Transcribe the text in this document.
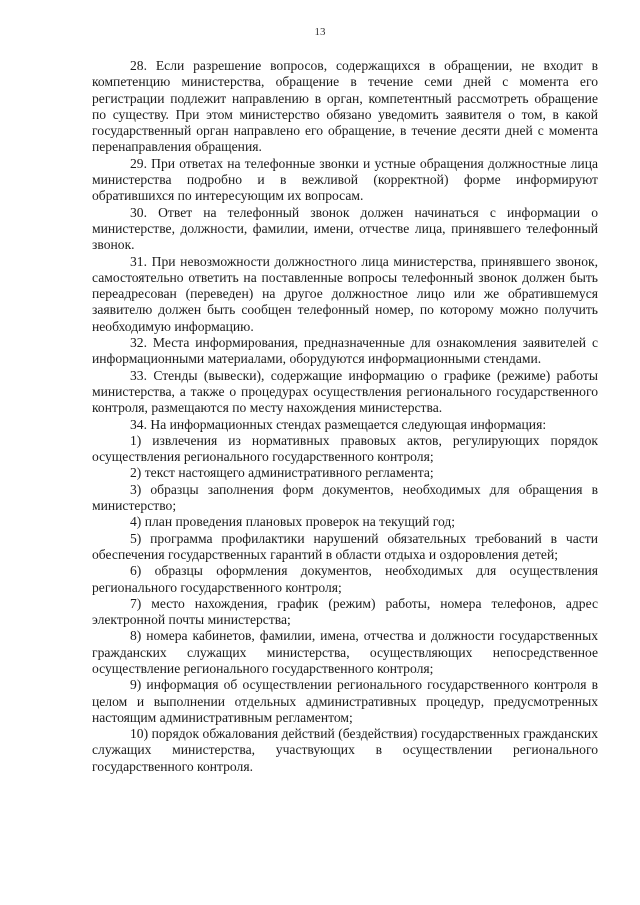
13

28. Если разрешение вопросов, содержащихся в обращении, не входит в компетенцию министерства, обращение в течение семи дней с момента его регистрации подлежит направлению в орган, компетентный рассмотреть обращение по существу. При этом министерство обязано уведомить заявителя о том, в какой государственный орган направлено его обращение, в течение десяти дней с момента перенаправления обращения.

29. При ответах на телефонные звонки и устные обращения должностные лица министерства подробно и в вежливой (корректной) форме информируют обратившихся по интересующим их вопросам.

30. Ответ на телефонный звонок должен начинаться с информации о министерстве, должности, фамилии, имени, отчестве лица, принявшего телефонный звонок.

31. При невозможности должностного лица министерства, принявшего звонок, самостоятельно ответить на поставленные вопросы телефонный звонок должен быть переадресован (переведен) на другое должностное лицо или же обратившемуся заявителю должен быть сообщен телефонный номер, по которому можно получить необходимую информацию.

32. Места информирования, предназначенные для ознакомления заявителей с информационными материалами, оборудуются информационными стендами.

33. Стенды (вывески), содержащие информацию о графике (режиме) работы министерства, а также о процедурах осуществления регионального государственного контроля, размещаются по месту нахождения министерства.

34. На информационных стендах размещается следующая информация:

1) извлечения из нормативных правовых актов, регулирующих порядок осуществления регионального государственного контроля;

2) текст настоящего административного регламента;

3) образцы заполнения форм документов, необходимых для обращения в министерство;

4) план проведения плановых проверок на текущий год;

5) программа профилактики нарушений обязательных требований в части обеспечения государственных гарантий в области отдыха и оздоровления детей;

6) образцы оформления документов, необходимых для осуществления регионального государственного контроля;

7) место нахождения, график (режим) работы, номера телефонов, адрес электронной почты министерства;

8) номера кабинетов, фамилии, имена, отчества и должности государственных гражданских служащих министерства, осуществляющих непосредственное осуществление регионального государственного контроля;

9) информация об осуществлении регионального государственного контроля в целом и выполнении отдельных административных процедур, предусмотренных настоящим административным регламентом;

10) порядок обжалования действий (бездействия) государственных гражданских служащих министерства, участвующих в осуществлении регионального государственного контроля.
